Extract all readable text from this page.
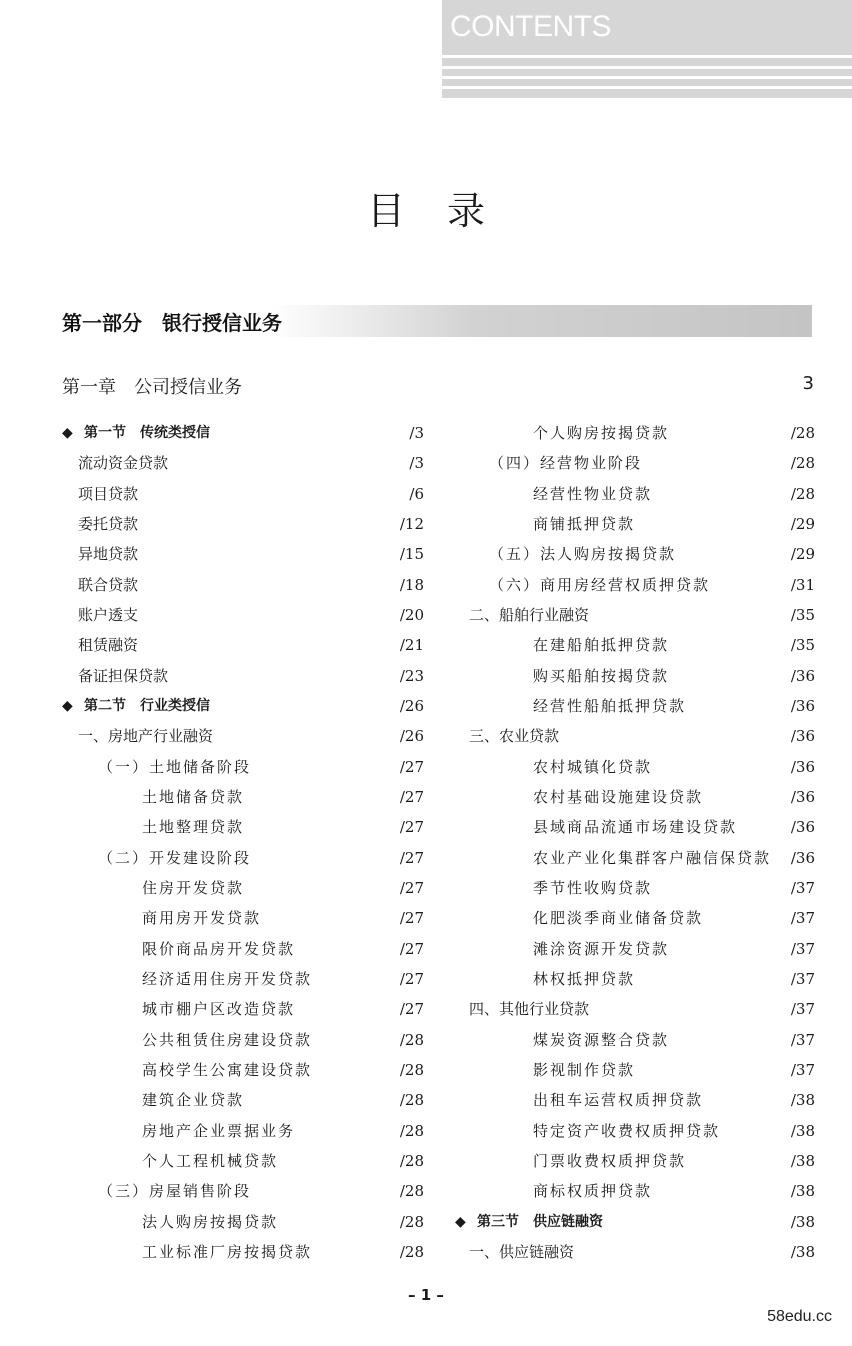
CONTENTS
目录
第一部分　银行授信业务
第一章　公司授信业务	3
◆ 第一节　传统类授信	/3
流动资金贷款	/3
项目贷款	/6
委托贷款	/12
异地贷款	/15
联合贷款	/18
账户透支	/20
租赁融资	/21
备证担保贷款	/23
◆ 第二节　行业类授信	/26
一、房地产行业融资	/26
（一）土地储备阶段	/27
土地储备贷款	/27
土地整理贷款	/27
（二）开发建设阶段	/27
住房开发贷款	/27
商用房开发贷款	/27
限价商品房开发贷款	/27
经济适用住房开发贷款	/27
城市棚户区改造贷款	/27
公共租赁住房建设贷款	/28
高校学生公寓建设贷款	/28
建筑企业贷款	/28
房地产企业票据业务	/28
个人工程机械贷款	/28
（三）房屋销售阶段	/28
法人购房按揭贷款	/28
工业标准厂房按揭贷款	/28
个人购房按揭贷款	/28
（四）经营物业阶段	/28
经营性物业贷款	/28
商铺抵押贷款	/29
（五）法人购房按揭贷款	/29
（六）商用房经营权质押贷款	/31
二、船舶行业融资	/35
在建船舶抵押贷款	/35
购买船舶按揭贷款	/36
经营性船舶抵押贷款	/36
三、农业贷款	/36
农村城镇化贷款	/36
农村基础设施建设贷款	/36
县域商品流通市场建设贷款	/36
农业产业化集群客户融信保贷款 /36
季节性收购贷款	/37
化肥淡季商业储备贷款	/37
滩涂资源开发贷款	/37
林权抵押贷款	/37
四、其他行业贷款	/37
煤炭资源整合贷款	/37
影视制作贷款	/37
出租车运营权质押贷款	/38
特定资产收费权质押贷款	/38
门票收费权质押贷款	/38
商标权质押贷款	/38
◆ 第三节　供应链融资	/38
一、供应链融资	/38
– 1 –
58edu.cc
